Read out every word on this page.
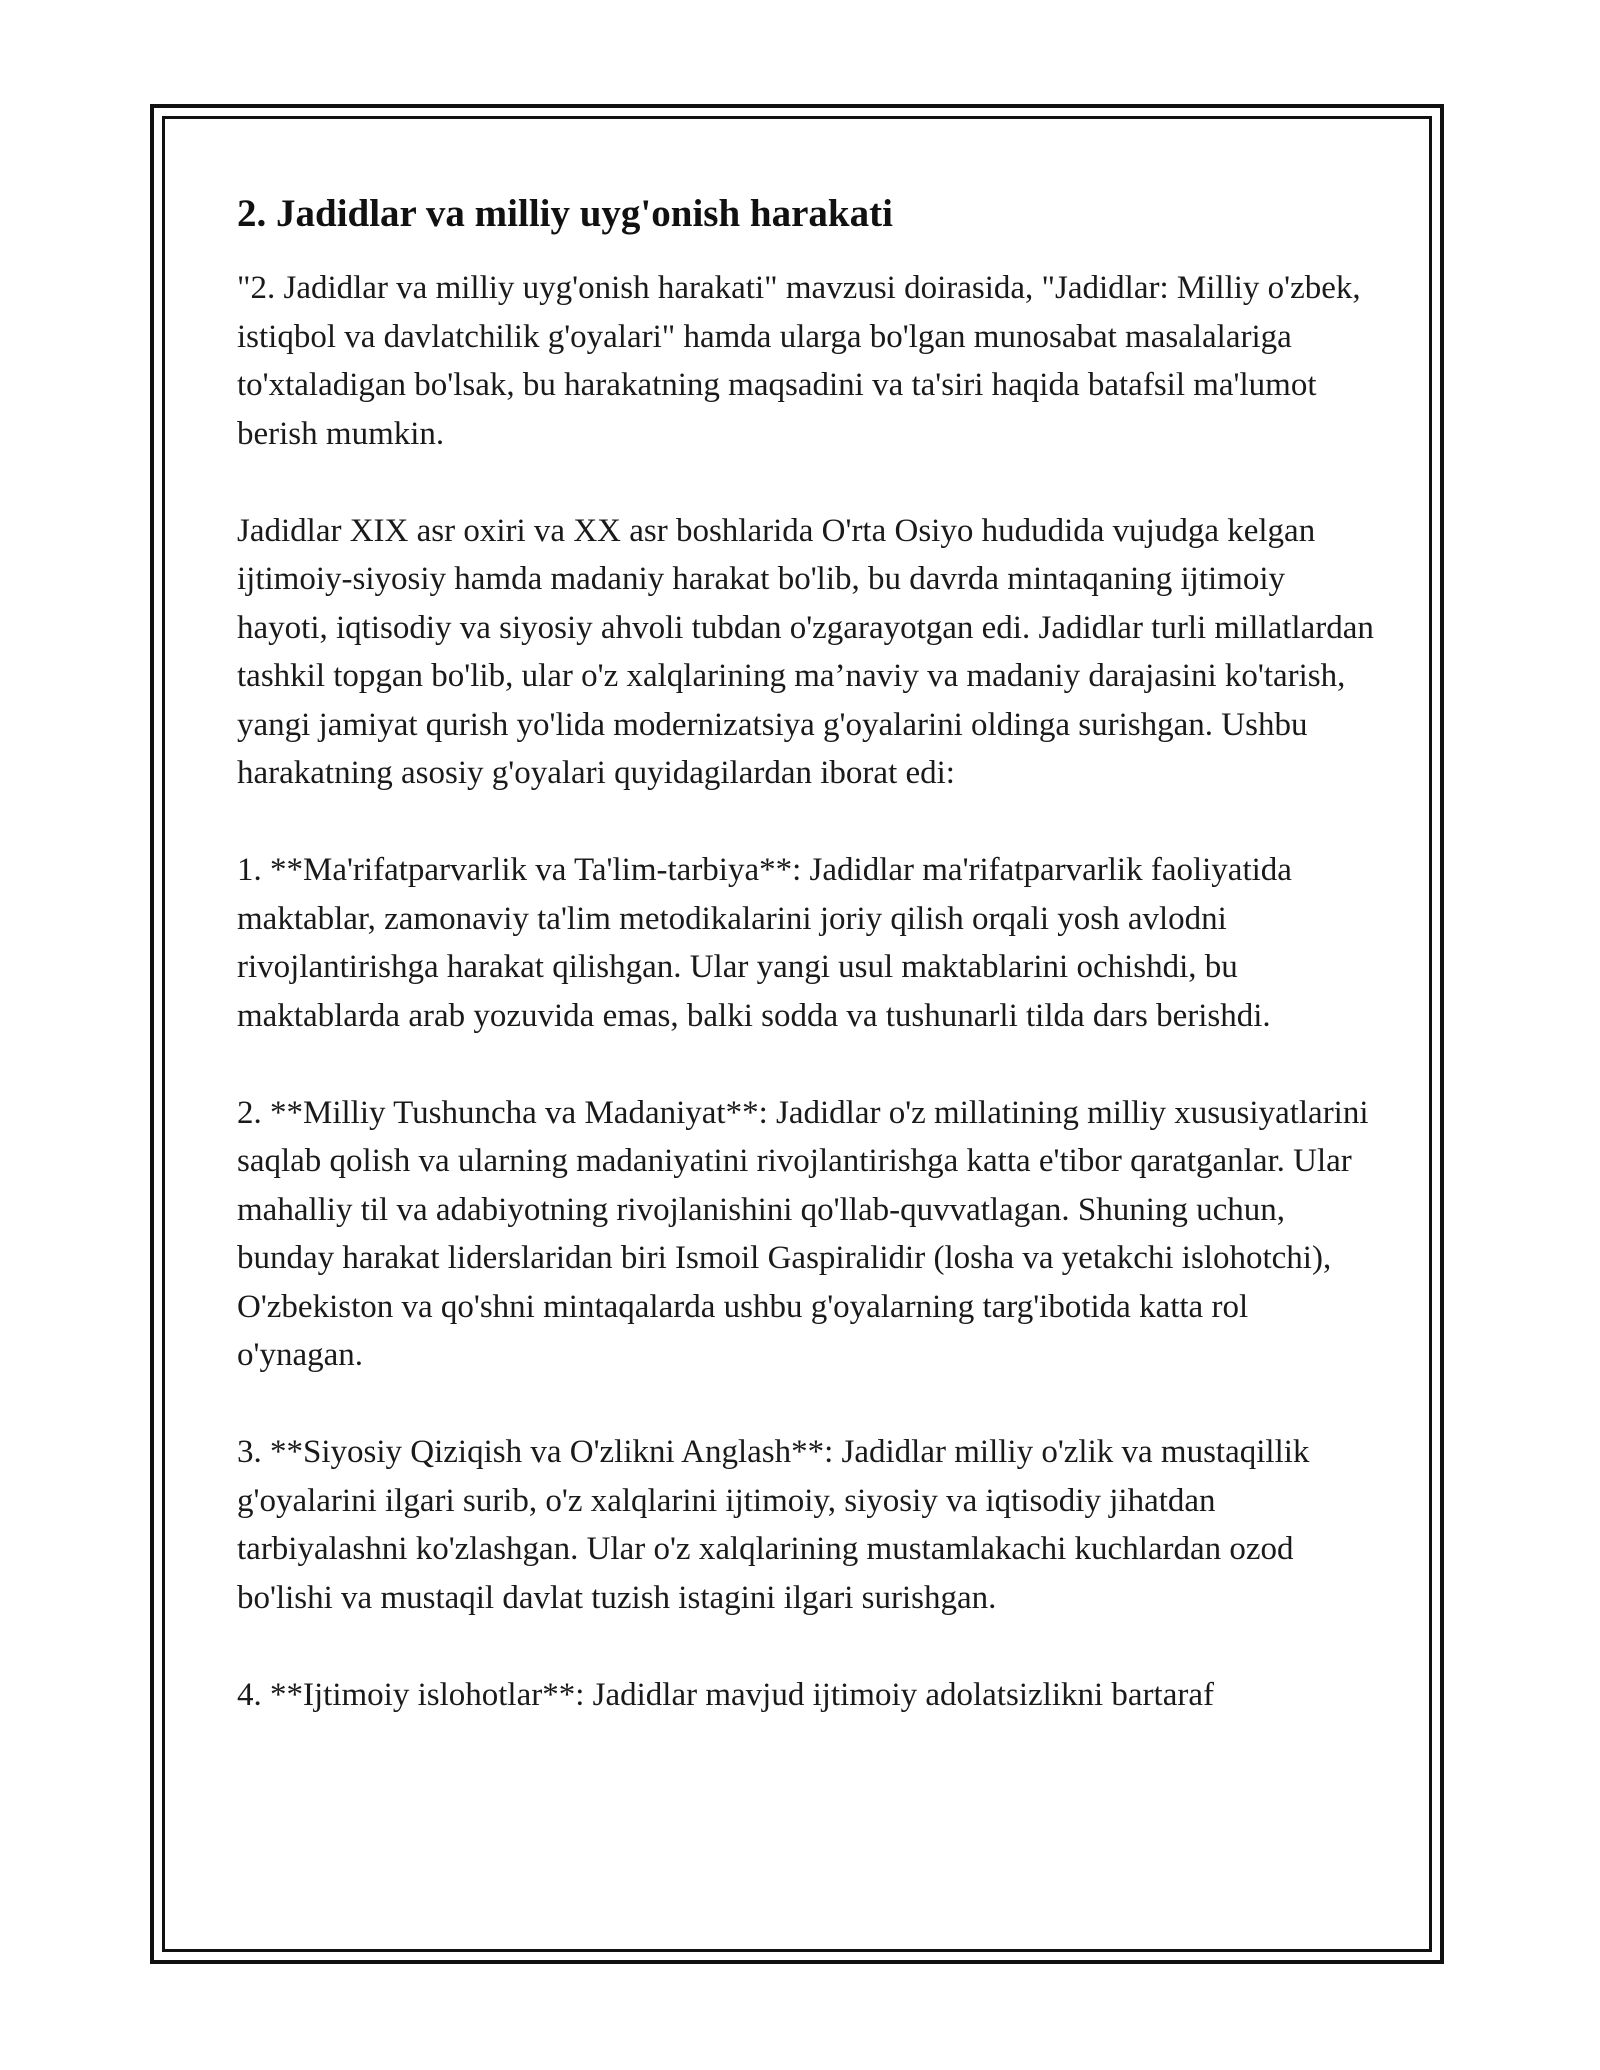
2. Jadidlar va milliy uyg'onish harakati

"2. Jadidlar va milliy uyg'onish harakati" mavzusi doirasida, "Jadidlar: Milliy o'zbek, istiqbol va davlatchilik g'oyalari" hamda ularga bo'lgan munosabat masalalariga to'xtaladigan bo'lsak, bu harakatning maqsadini va ta'siri haqida batafsil ma'lumot berish mumkin.

Jadidlar XIX asr oxiri va XX asr boshlarida O'rta Osiyo hududida vujudga kelgan ijtimoiy-siyosiy hamda madaniy harakat bo'lib, bu davrda mintaqaning ijtimoiy hayoti, iqtisodiy va siyosiy ahvoli tubdan o'zgarayotgan edi. Jadidlar turli millatlardan tashkil topgan bo'lib, ular o'z xalqlarining ma’naviy va madaniy darajasini ko'tarish, yangi jamiyat qurish yo'lida modernizatsiya g'oyalarini oldinga surishgan. Ushbu harakatning asosiy g'oyalari quyidagilardan iborat edi:

1. **Ma'rifatparvarlik va Ta'lim-tarbiya**: Jadidlar ma'rifatparvarlik faoliyatida maktablar, zamonaviy ta'lim metodikalarini joriy qilish orqali yosh avlodni rivojlantirishga harakat qilishgan. Ular yangi usul maktablarini ochishdi, bu maktablarda arab yozuvida emas, balki sodda va tushunarli tilda dars berishdi.

2. **Milliy Tushuncha va Madaniyat**: Jadidlar o'z millatining milliy xususiyatlarini saqlab qolish va ularning madaniyatini rivojlantirishga katta e'tibor qaratganlar. Ular mahalliy til va adabiyotning rivojlanishini qo'llab-quvvatlagan. Shuning uchun, bunday harakat liderslaridan biri Ismoil Gaspiralidir (losha va yetakchi islohotchi), O'zbekiston va qo'shni mintaqalarda ushbu g'oyalarning targ'ibotida katta rol o'ynagan.

3. **Siyosiy Qiziqish va O'zlikni Anglash**: Jadidlar milliy o'zlik va mustaqillik g'oyalarini ilgari surib, o'z xalqlarini ijtimoiy, siyosiy va iqtisodiy jihatdan tarbiyalashni ko'zlashgan. Ular o'z xalqlarining mustamlakachi kuchlardan ozod bo'lishi va mustaqil davlat tuzish istagini ilgari surishgan.

4. **Ijtimoiy islohotlar**: Jadidlar mavjud ijtimoiy adolatsizlikni bartaraf
